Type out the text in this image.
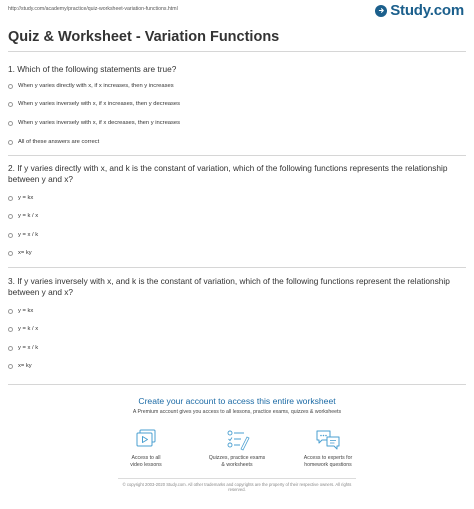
http://study.com/academy/practice/quiz-worksheet-variation-functions.html	Study.com
Quiz & Worksheet - Variation Functions
1. Which of the following statements are true?
When y varies directly with x, if x increases, then y increases
When y varies inversely with x, if x increases, then y decreases
When y varies inversely with x, if x decreases, then y increases
All of these answers are correct
2. If y varies directly with x, and k is the constant of variation, which of the following functions represents the relationship between y and x?
y = kx
y = k / x
y = x / k
x= ky
3. If y varies inversely with x, and k is the constant of variation, which of the following functions represent the relationship between y and x?
y = kx
y = k / x
y = x / k
x= ky
Create your account to access this entire worksheet
A Premium account gives you access to all lessons, practice exams, quizzes & worksheets
Access to all
video lessons
Quizzes, practice exams
& worksheets
Access to experts for
homework questions
© copyright 2003-2020 Study.com. All other trademarks and copyrights are the property of their respective owners. All rights
reserved.
